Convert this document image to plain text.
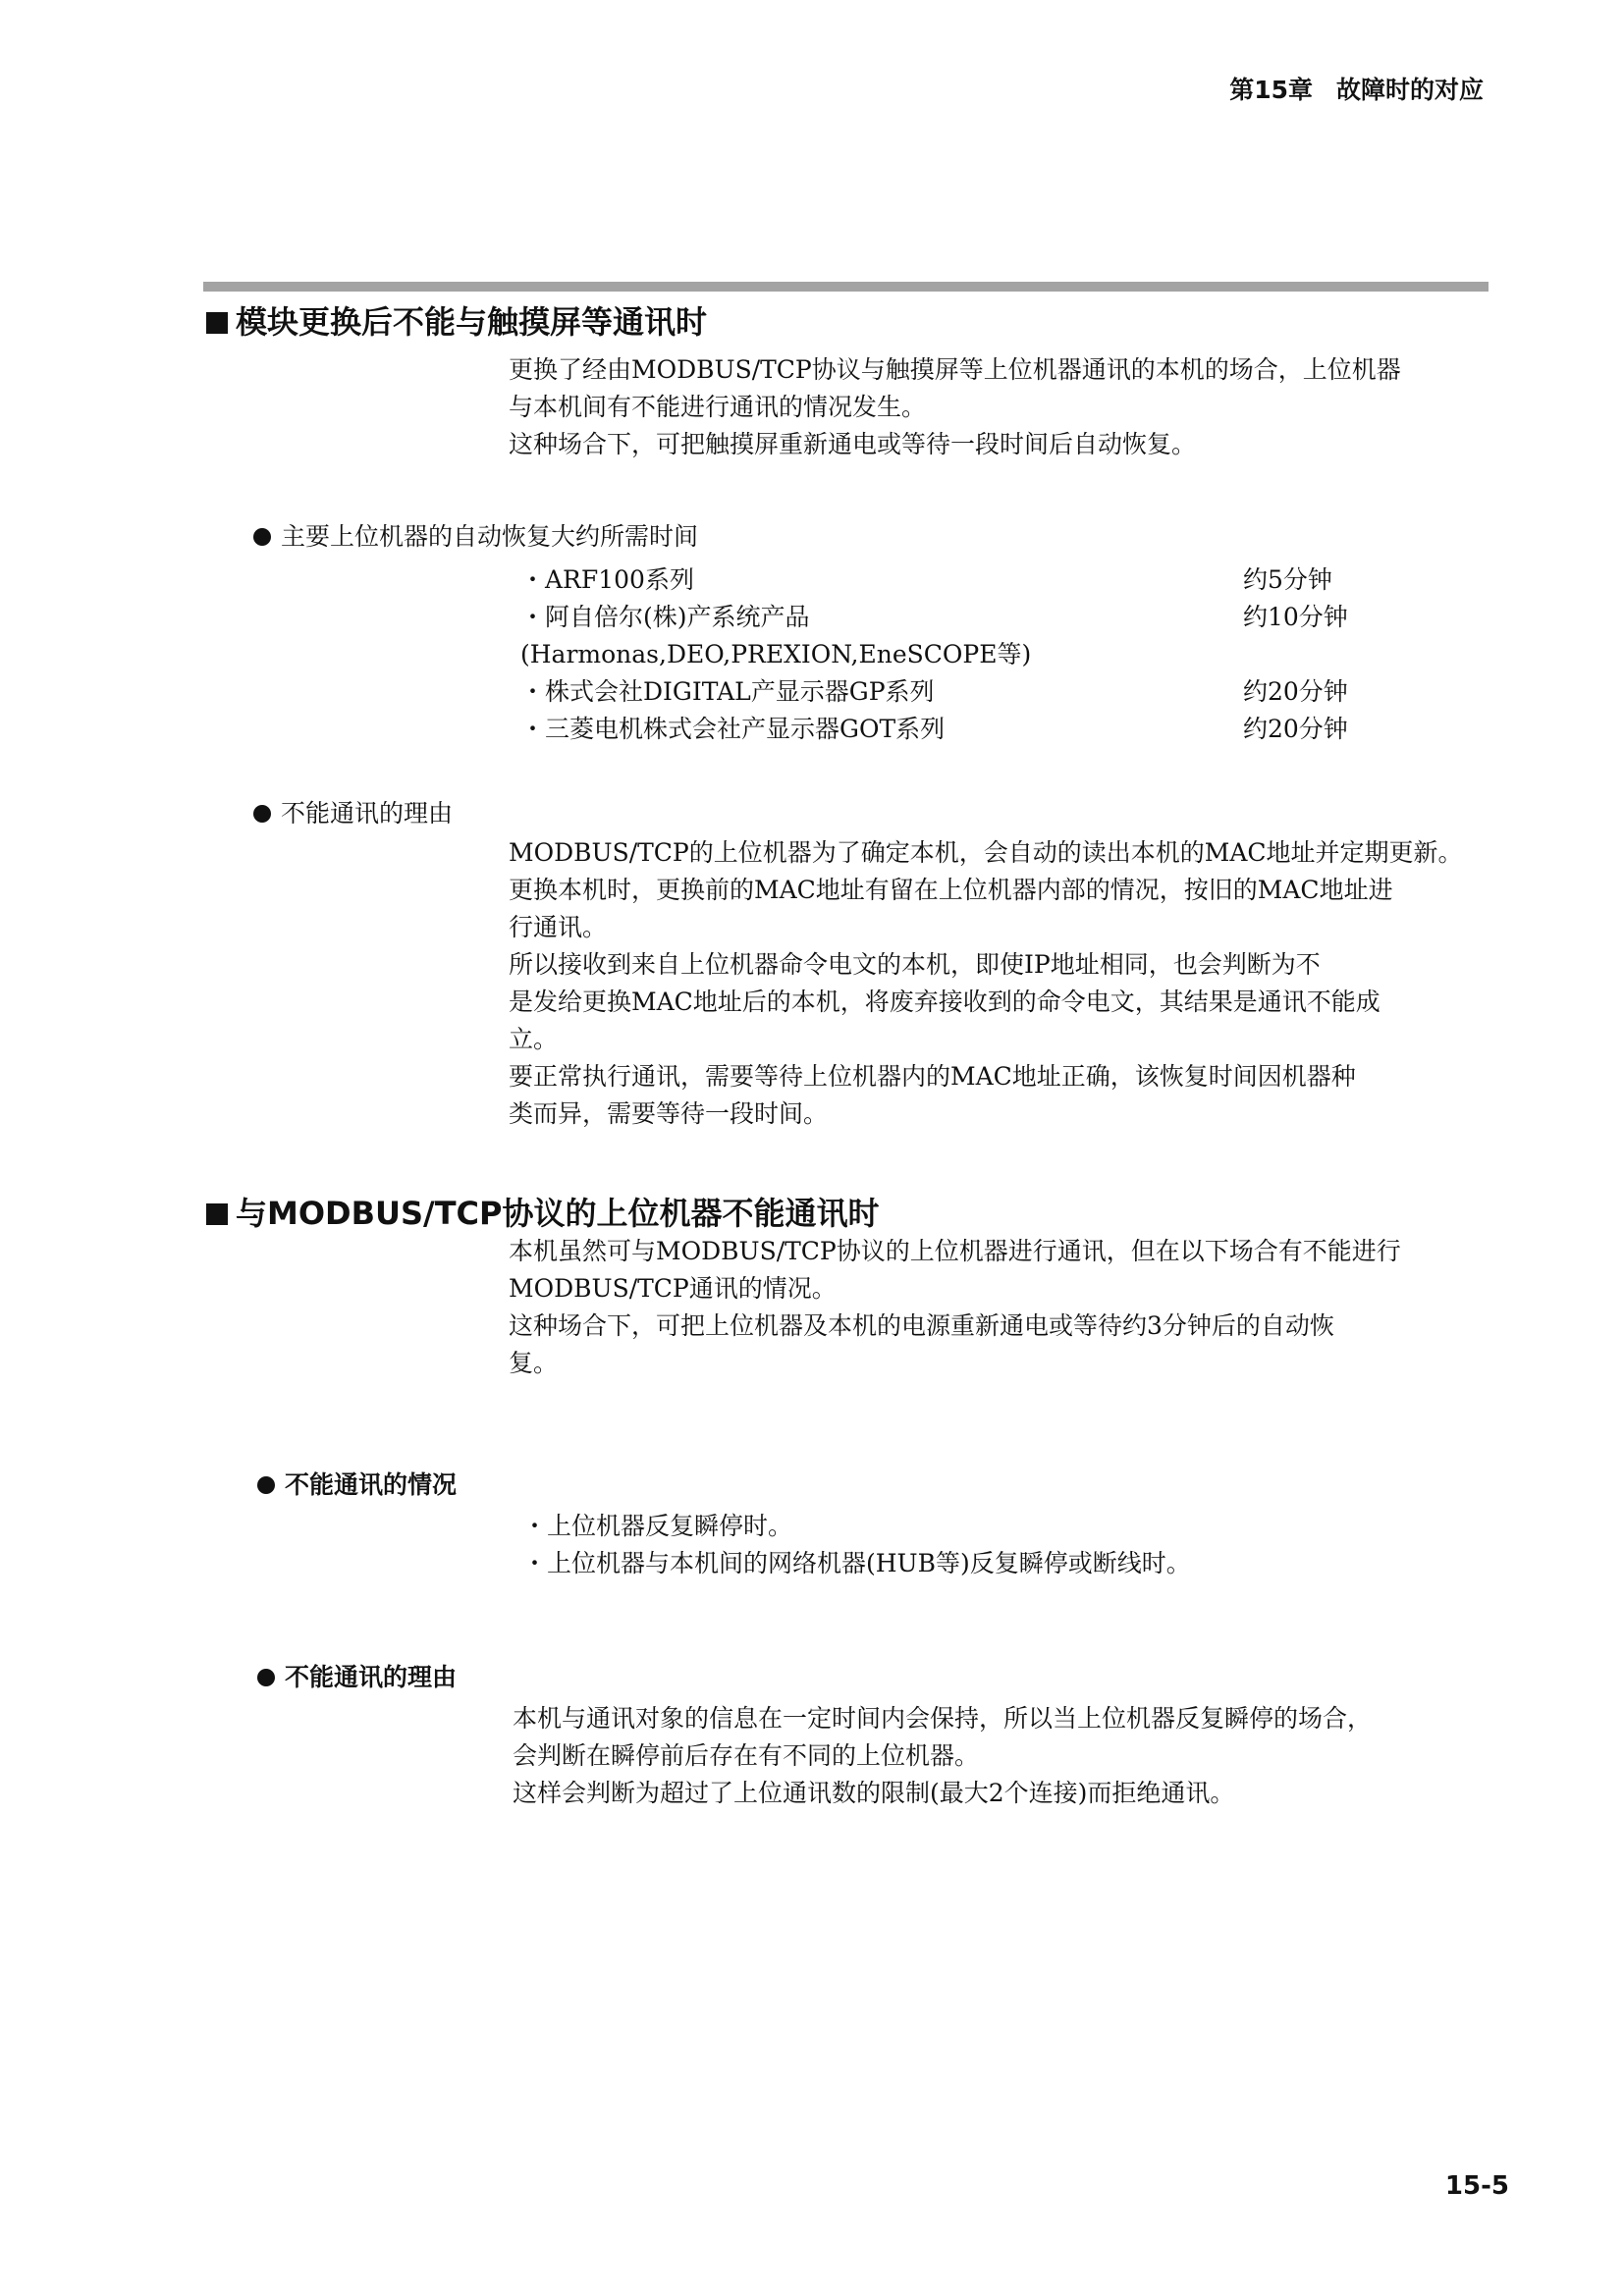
第15章 故障时的对应
模块更换后不能与触摸屏等通讯时
更换了经由MODBUS/TCP协议与触摸屏等上位机器通讯的本机的场合，上位机器
与本机间有不能进行通讯的情况发生。
这种场合下，可把触摸屏重新通电或等待一段时间后自动恢复。
主要上位机器的自动恢复大约所需时间
・ARF100系列	约5分钟
・阿自倍尔(株)产系统产品	约10分钟
(Harmonas,DEO,PREXION,EneSCOPE等)
・株式会社DIGITAL产显示器GP系列	约20分钟
・三菱电机株式会社产显示器GOT系列	约20分钟
不能通讯的理由
MODBUS/TCP的上位机器为了确定本机，会自动的读出本机的MAC地址并定期更新。
更换本机时，更换前的MAC地址有留在上位机器内部的情况，按旧的MAC地址进
行通讯。
所以接收到来自上位机器命令电文的本机，即使IP地址相同，也会判断为不
是发给更换MAC地址后的本机，将废弃接收到的命令电文，其结果是通讯不能成
立。
要正常执行通讯，需要等待上位机器内的MAC地址正确，该恢复时间因机器种
类而异，需要等待一段时间。
与MODBUS/TCP协议的上位机器不能通讯时
本机虽然可与MODBUS/TCP协议的上位机器进行通讯，但在以下场合有不能进行
MODBUS/TCP通讯的情况。
这种场合下，可把上位机器及本机的电源重新通电或等待约3分钟后的自动恢
复。
不能通讯的情况
・上位机器反复瞬停时。
・上位机器与本机间的网络机器(HUB等)反复瞬停或断线时。
不能通讯的理由
本机与通讯对象的信息在一定时间内会保持，所以当上位机器反复瞬停的场合，
会判断在瞬停前后存在有不同的上位机器。
这样会判断为超过了上位通讯数的限制(最大2个连接)而拒绝通讯。
15-5
